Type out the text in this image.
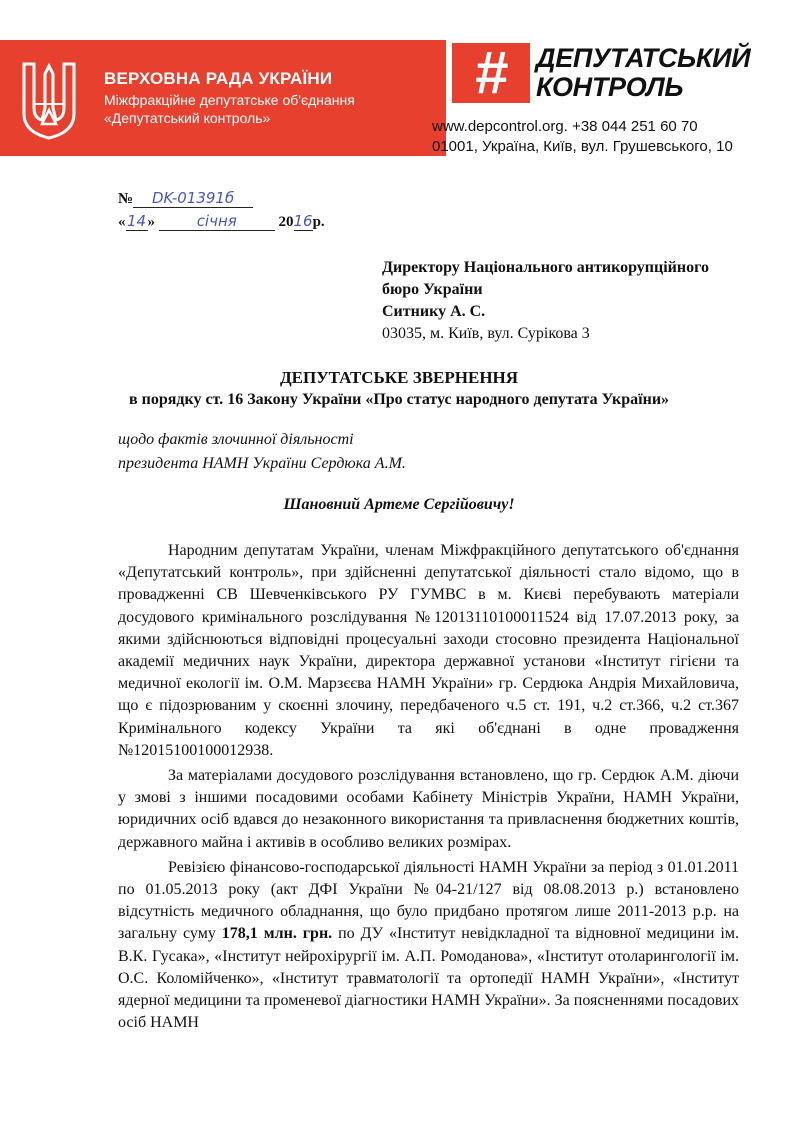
ВЕРХОВНА РАДА УКРАЇНИ
Міжфракційне депутатське об'єднання
«Депутатський контроль»
#	ДЕПУТАТСЬКИЙ
КОНТРОЛЬ
www.depcontrol.org. +38 044 251 60 70
01001, Україна, Київ, вул. Грушевського, 10
№ DK-01391б
«14»	січня	2016р.
Директору Національного антикорупційного
бюро України
Ситнику А. С.
03035, м. Київ, вул. Сурікова 3
ДЕПУТАТСЬКЕ ЗВЕРНЕННЯ
в порядку ст. 16 Закону України «Про статус народного депутата України»
щодо фактів злочинної діяльності
президента НАМН України Сердюка А.М.
Шановний Артеме Сергійовичу!

Народним депутатам України, членам Міжфракційного депутатського об'єднання «Депутатський контроль», при здійсненні депутатської діяльності стало відомо, що в провадженні СВ Шевченківського РУ ГУМВС в м. Києві перебувають матеріали досудового кримінального розслідування №12013110100011524 від 17.07.2013 року, за якими здійснюються відповідні процесуальні заходи стосовно президента Національної академії медичних наук України, директора державної установи «Інститут гігієни та медичної екології ім. О.М. Марзєєва НАМН України» гр. Сердюка Андрія Михайловича, що є підозрюваним у скоєнні злочину, передбаченого ч.5 ст. 191, ч.2 ст.366, ч.2 ст.367 Кримінального кодексу України та які об'єднані в одне провадження №12015100100012938.

За матеріалами досудового розслідування встановлено, що гр. Сердюк А.М. діючи у змові з іншими посадовими особами Кабінету Міністрів України, НАМН України, юридичних осіб вдався до незаконного використання та привласнення бюджетних коштів, державного майна і активів в особливо великих розмірах.

Ревізією фінансово-господарської діяльності НАМН України за період з 01.01.2011 по 01.05.2013 року (акт ДФІ України №04-21/127 від 08.08.2013 р.) встановлено відсутність медичного обладнання, що було придбано протягом лише 2011-2013 р.р. на загальну суму 178,1 млн. грн. по ДУ «Інститут невідкладної та відновної медицини ім. В.К. Гусака», «Інститут нейрохірургії ім. А.П. Ромоданова», «Інститут отоларингології ім. О.С. Коломійченко», «Інститут травматології та ортопедії НАМН України», «Інститут ядерної медицини та променевої діагностики НАМН України». За поясненнями посадових осіб НАМН
